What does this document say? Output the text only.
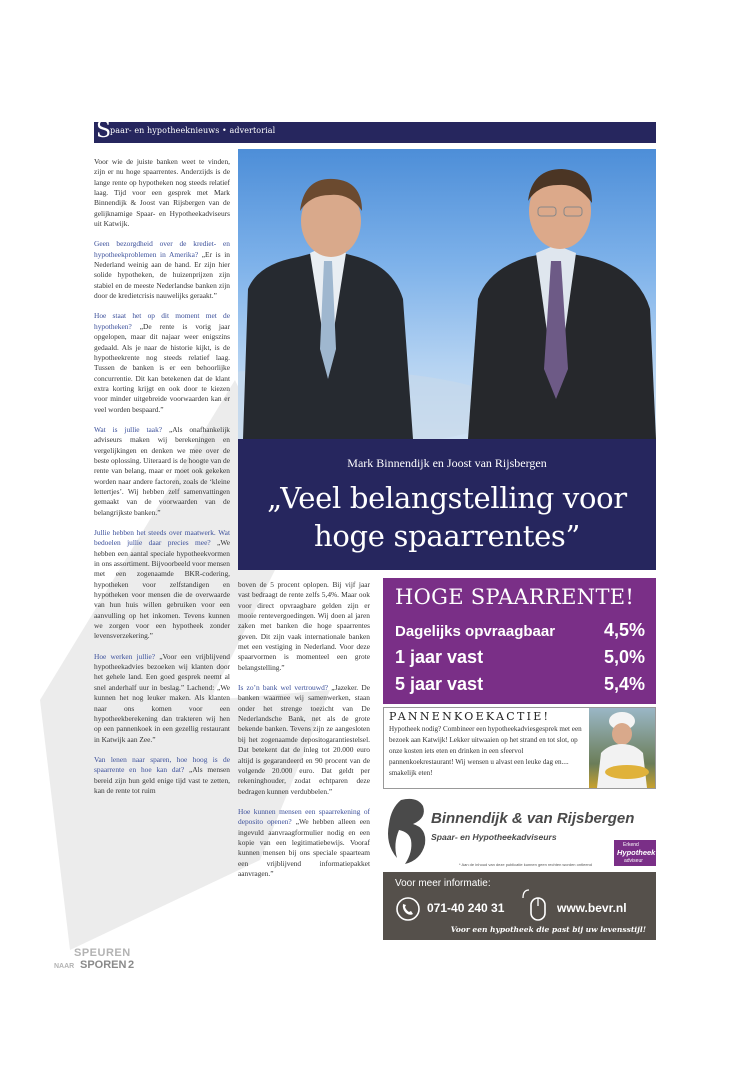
S
paar- en hypotheeknieuws • advertorial

Voor wie de juiste banken weet te vinden, zijn er nu hoge spaarrentes. Anderzijds is de lange rente op hypotheken nog steeds relatief laag. Tijd voor een gesprek met Mark Binnendijk & Joost van Rijsbergen van de gelijknamige Spaar- en Hypotheekadviseurs uit Katwijk.

Geen bezorgdheid over de krediet- en hypotheekproblemen in Amerika? „Er is in Nederland weinig aan de hand. Er zijn hier solide hypotheken, de huizenprijzen zijn stabiel en de meeste Nederlandse banken zijn door de kredietcrisis nauwelijks geraakt.”

Hoe staat het op dit moment met de hypotheken? „De rente is vorig jaar opgelopen, maar dit najaar weer enigszins gedaald. Als je naar de historie kijkt, is de hypotheekrente nog steeds relatief laag. Tussen de banken is er een behoorlijke concurrentie. Dit kan betekenen dat de klant extra korting krijgt en ook door te kiezen voor minder uitgebreide voorwaarden kan er veel worden bespaard.”

Wat is jullie taak? „Als onafhankelijk adviseurs maken wij berekeningen en vergelijkingen en denken we mee over de beste oplossing. Uiteraard is de hoogte van de rente van belang, maar er moet ook gekeken worden naar andere factoren, zoals de ‘kleine lettertjes’. Wij hebben zelf samenvattingen gemaakt van de voorwaarden van de belangrijkste banken.”

Jullie hebben het steeds over maatwerk. Wat bedoelen jullie daar precies mee? „We hebben een aantal speciale hypotheekvormen in ons assortiment. Bijvoorbeeld voor mensen met een zogenaamde BKR-codering, hypotheken voor zelfstandigen en hypotheken voor mensen die de overwaarde van hun huis willen gebruiken voor een aanvulling op het inkomen. Tevens kunnen we zorgen voor een hypotheek zonder levensverzekering.”

Hoe werken jullie? „Voor een vrijblijvend hypotheekadvies bezoeken wij klanten door het gehele land. Een goed gesprek neemt al snel anderhalf uur in beslag.” Lachend: „We kunnen het nog leuker maken. Als klanten naar ons komen voor een hypotheekberekening dan trakteren wij hen op een pannenkoek in een gezellig restaurant in Katwijk aan Zee.”

Van lenen naar sparen, hoe hoog is de spaarrente en hoe kan dat? „Als mensen bereid zijn hun geld enige tijd vast te zetten, kan de rente tot ruim

Mark Binnendijk en Joost van Rijsbergen
„Veel belangstelling voor
hoge spaarrentes”

boven de 5 procent oplopen. Bij vijf jaar vast bedraagt de rente zelfs 5,4%. Maar ook voor direct opvraagbare gelden zijn er mooie rentevergoedingen. Wij doen al jaren zaken met banken die hoge spaarrentes geven. Dit zijn vaak internationale banken met een vestiging in Nederland. Voor deze spaarvormen is momenteel een grote belangstelling.”

Is zo’n bank wel vertrouwd? „Jazeker. De banken waarmee wij samenwerken, staan onder het strenge toezicht van De Nederlandsche Bank, net als de grote bekende banken. Tevens zijn ze aangesloten bij het zogenaamde depositogarantiestelsel. Dat betekent dat de inleg tot 20.000 euro altijd is gegarandeerd en 90 procent van de volgende 20.000 euro. Dat geldt per rekeninghouder, zodat echtparen deze bedragen kunnen verdubbelen.”

Hoe kunnen mensen een spaarrekening of deposito openen? „We hebben alleen een ingevuld aanvraagformulier nodig en een kopie van een legitimatiebewijs. Vooraf kunnen mensen bij ons speciale spaarteam een vrijblijvend informatiepakket aanvragen.”

HOGE SPAARRENTE!
Dagelijks opvraagbaar	4,5%
1 jaar vast	5,0%
5 jaar vast	5,4%
PANNENKOEKACTIE!
Hypotheek nodig? Combineer een hypotheekadviesgesprek met een bezoek aan Katwijk! Lekker uitwaaien op het strand en tot slot, op onze kosten iets eten en drinken in een sfeervol pannenkoekrestaurant! Wij wensen u alvast een leuke dag en.... smakelijk eten!
Binnendijk & van Rijsbergen
Spaar- en Hypotheekadviseurs
* Aan de inhoud van deze publicatie kunnen geen rechten worden ontleend
Erkend
Hypotheek
adviseur
Voor meer informatie:
071-40 240 31	www.bevr.nl
Voor een hypotheek die past bij uw levensstijl!
SPEUREN
NAAR SPOREN 2
